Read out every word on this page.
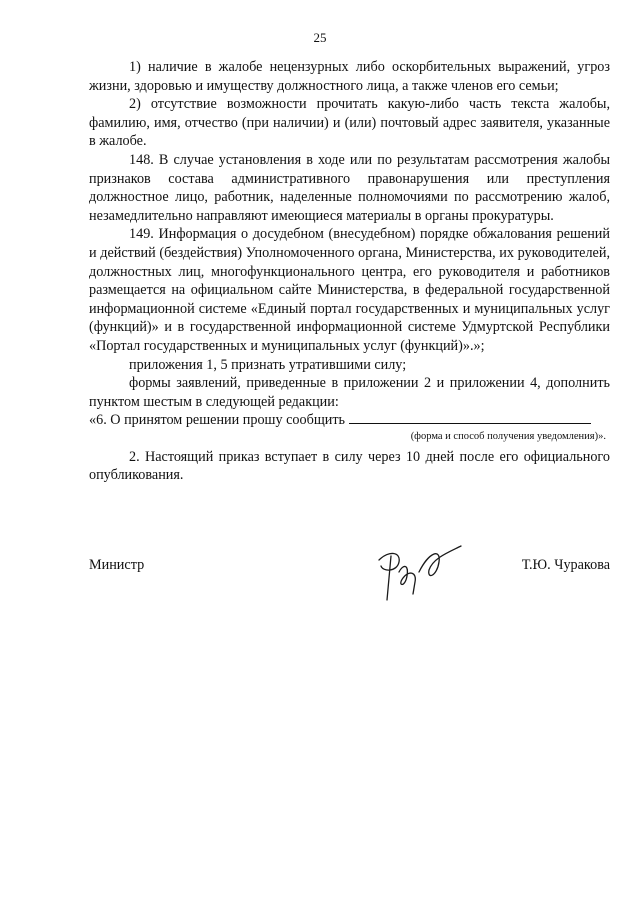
25

1) наличие в жалобе нецензурных либо оскорбительных выражений, угроз жизни, здоровью и имуществу должностного лица, а также членов его семьи;

2) отсутствие возможности прочитать какую-либо часть текста жалобы, фамилию, имя, отчество (при наличии) и (или) почтовый адрес заявителя, указанные в жалобе.

148. В случае установления в ходе или по результатам рассмотрения жалобы признаков состава административного правонарушения или преступления должностное лицо, работник, наделенные полномочиями по рассмотрению жалоб, незамедлительно направляют имеющиеся материалы в органы прокуратуры.

149. Информация о досудебном (внесудебном) порядке обжалования решений и действий (бездействия) Уполномоченного органа, Министерства, их руководителей, должностных лиц, многофункционального центра, его руководителя и работников размещается на официальном сайте Министерства, в федеральной государственной информационной системе «Единый портал государственных и муниципальных услуг (функций)» и в государственной информационной системе Удмуртской Республики «Портал государственных и муниципальных услуг (функций)».»;

приложения 1, 5 признать утратившими силу;

формы заявлений, приведенные в приложении 2 и приложении 4, дополнить пунктом шестым в следующей редакции:

«6. О принятом решении прошу сообщить

(форма и способ получения уведомления)».

2. Настоящий приказ вступает в силу через 10 дней после его официального опубликования.

Министр	Т.Ю. Чуракова
